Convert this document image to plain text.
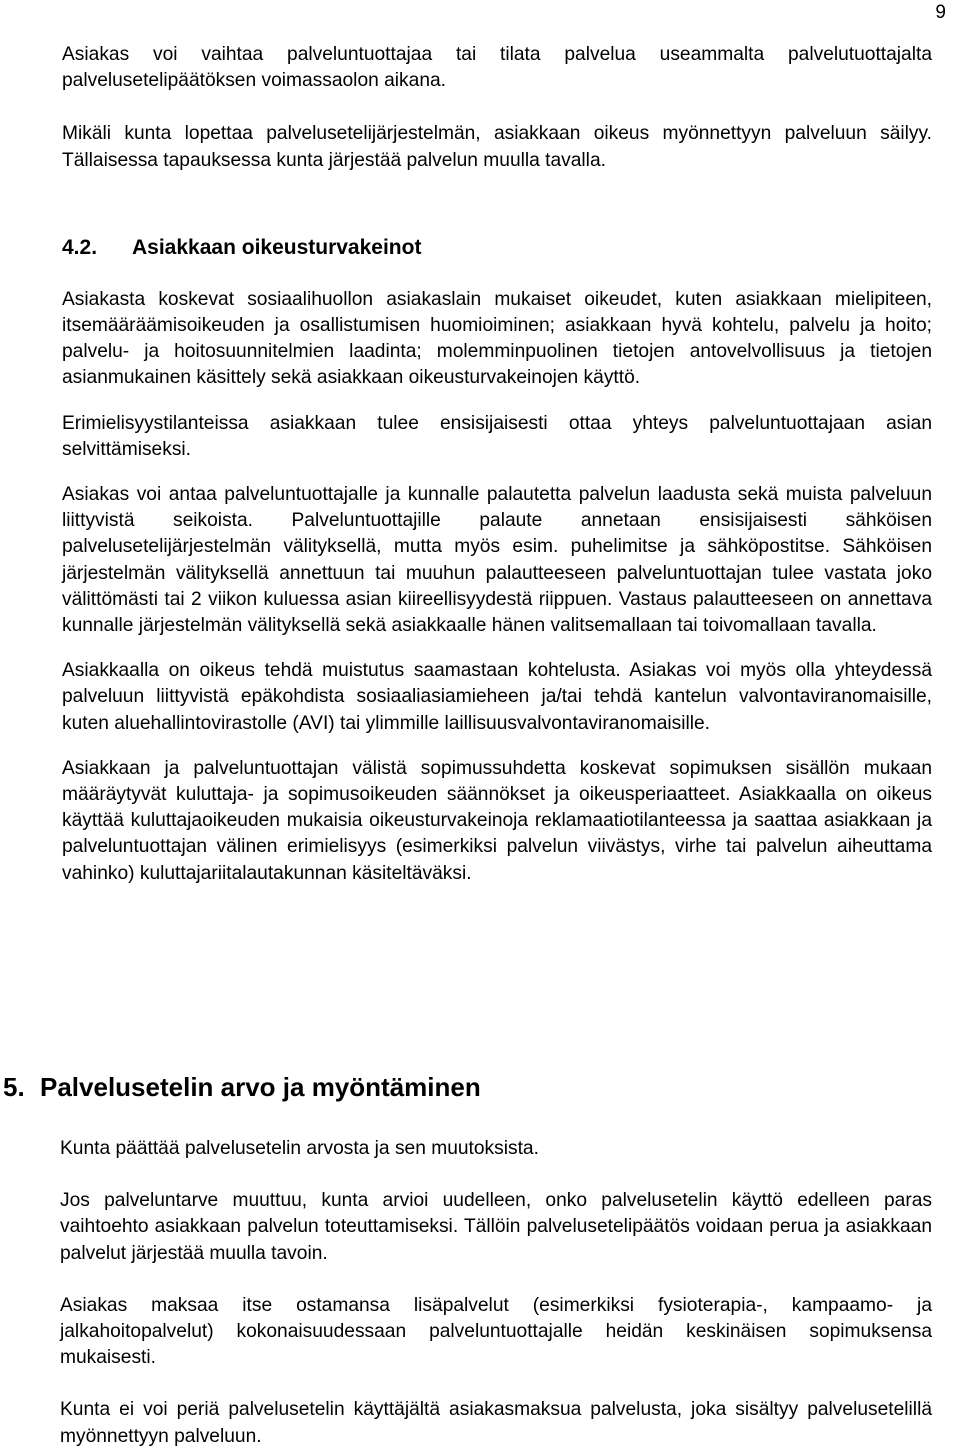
9

Asiakas voi vaihtaa palveluntuottajaa tai tilata palvelua useammalta palvelutuottajalta palvelusetelipäätöksen voimassaolon aikana.

Mikäli kunta lopettaa palvelusetelijärjestelmän, asiakkaan oikeus myönnettyyn palveluun säilyy. Tällaisessa tapauksessa kunta järjestää palvelun muulla tavalla.

4.2. Asiakkaan oikeusturvakeinot

Asiakasta koskevat sosiaalihuollon asiakaslain mukaiset oikeudet, kuten asiakkaan mielipiteen, itsemääräämisoikeuden ja osallistumisen huomioiminen; asiakkaan hyvä kohtelu, palvelu ja hoito; palvelu- ja hoitosuunnitelmien laadinta; molemminpuolinen tietojen antovelvollisuus ja tietojen asianmukainen käsittely sekä asiakkaan oikeusturvakeinojen käyttö.

Erimielisyystilanteissa asiakkaan tulee ensisijaisesti ottaa yhteys palveluntuottajaan asian selvittämiseksi.

Asiakas voi antaa palveluntuottajalle ja kunnalle palautetta palvelun laadusta sekä muista palveluun liittyvistä seikoista. Palveluntuottajille palaute annetaan ensisijaisesti sähköisen palvelusetelijärjestelmän välityksellä, mutta myös esim. puhelimitse ja sähköpostitse. Sähköisen järjestelmän välityksellä annettuun tai muuhun palautteeseen palveluntuottajan tulee vastata joko välittömästi tai 2 viikon kuluessa asian kiireellisyydestä riippuen. Vastaus palautteeseen on annettava kunnalle järjestelmän välityksellä sekä asiakkaalle hänen valitsemallaan tai toivomallaan tavalla.

Asiakkaalla on oikeus tehdä muistutus saamastaan kohtelusta. Asiakas voi myös olla yhteydessä palveluun liittyvistä epäkohdista sosiaaliasiamieheen ja/tai tehdä kantelun valvontaviranomaisille, kuten aluehallintovirastolle (AVI) tai ylimmille laillisuusvalvontaviranomaisille.

Asiakkaan ja palveluntuottajan välistä sopimussuhdetta koskevat sopimuksen sisällön mukaan määräytyvät kuluttaja- ja sopimusoikeuden säännökset ja oikeusperiaatteet. Asiakkaalla on oikeus käyttää kuluttajaoikeuden mukaisia oikeusturvakeinoja reklamaatiotilanteessa ja saattaa asiakkaan ja palveluntuottajan välinen erimielisyys (esimerkiksi palvelun viivästys, virhe tai palvelun aiheuttama vahinko) kuluttajariitalautakunnan käsiteltäväksi.

5. Palvelusetelin arvo ja myöntäminen

Kunta päättää palvelusetelin arvosta ja sen muutoksista.

Jos palveluntarve muuttuu, kunta arvioi uudelleen, onko palvelusetelin käyttö edelleen paras vaihtoehto asiakkaan palvelun toteuttamiseksi. Tällöin palvelusetelipäätös voidaan perua ja asiakkaan palvelut järjestää muulla tavoin.

Asiakas maksaa itse ostamansa lisäpalvelut (esimerkiksi fysioterapia-, kampaamo- ja jalkahoitopalvelut) kokonaisuudessaan palveluntuottajalle heidän keskinäisen sopimuksensa mukaisesti.

Kunta ei voi periä palvelusetelin käyttäjältä asiakasmaksua palvelusta, joka sisältyy palvelusetelillä myönnettyyn palveluun.
